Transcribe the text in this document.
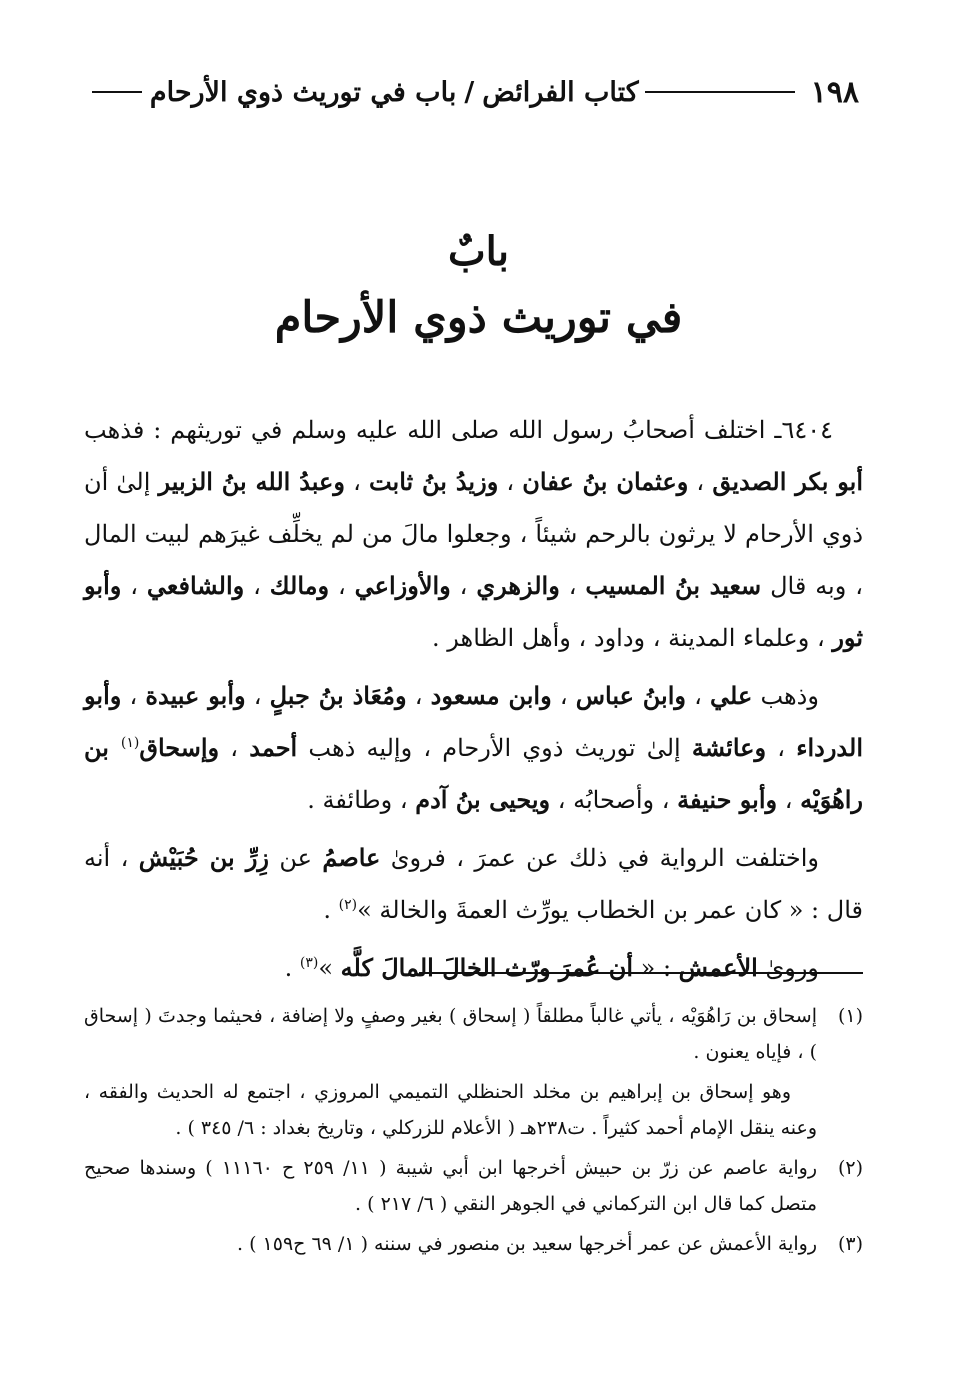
١٩٨
كتاب الفرائض/باب في توريث ذوي الأرحام
بابٌ
في توريث ذوي الأرحام

٦٤٠٤ـ اختلف أصحابُ رسول الله صلى الله عليه وسلم في توريثهم : فذهب أبو بكر الصديق ، وعثمان بنُ عفان ، وزيدُ بنُ ثابت ، وعبدُ الله بنُ الزبير إلىٰ أن ذوي الأرحام لا يرثون بالرحم شيئاً ، وجعلوا مالَ من لم يخلِّف غيرَهم لبيت المال ، وبه قال سعيد بنُ المسيب ، والزهري ، والأوزاعي ، ومالك ، والشافعي ، وأبو ثور ، وعلماء المدينة ، وداود ، وأهل الظاهر .

وذهب علي ، وابنُ عباس ، وابن مسعود ، ومُعَاذ بنُ جبلٍ ، وأبو عبيدة ، وأبو الدرداء ، وعائشة إلىٰ توريث ذوي الأرحام ، وإليه ذهب أحمد ، وإسحاق$^{(١)}$ بن راهُوَيْه ، وأبو حنيفة ، وأصحابُه ، ويحيى بنُ آدم ، وطائفة .

واختلفت الرواية في ذلك عن عمرَ ، فروىٰ عاصمُ عن زِرِّ بن حُبَيْش ، أنه قال : « كان عمر بن الخطاب يورِّث العمةَ والخالة »$^{(٢)}$ .

وروىٰ الأعمش : « أن عُمرَ ورّث الخالَ المالَ كلَّه »$^{(٣)}$ .

(١)

إسحاق بن رَاهُوَيْه ، يأتي غالباً مطلقاً ( إسحاق ) بغير وصفٍ ولا إضافة ، فحيثما وجدتَ ( إسحاق ) ، فإياه يعنون .

وهو إسحاق بن إبراهيم بن مخلد الحنظلي التميمي المروزي ، اجتمع له الحديث والفقه ، وعنه ينقل الإمام أحمد كثيراً . ت٢٣٨هـ ( الأعلام للزركلي ، وتاريخ بغداد : ٦/ ٣٤٥ ) .

(٢)

رواية عاصم عن زرّ بن حبيش أخرجها ابن أبي شيبة ( ١١/ ٢٥٩ ح ١١١٦٠ ) وسندها صحيح متصل كما قال ابن التركماني في الجوهر النقي ( ٦/ ٢١٧ ) .

(٣)

رواية الأعمش عن عمر أخرجها سعيد بن منصور في سننه ( ١/ ٦٩ ح١٥٩ ) .
